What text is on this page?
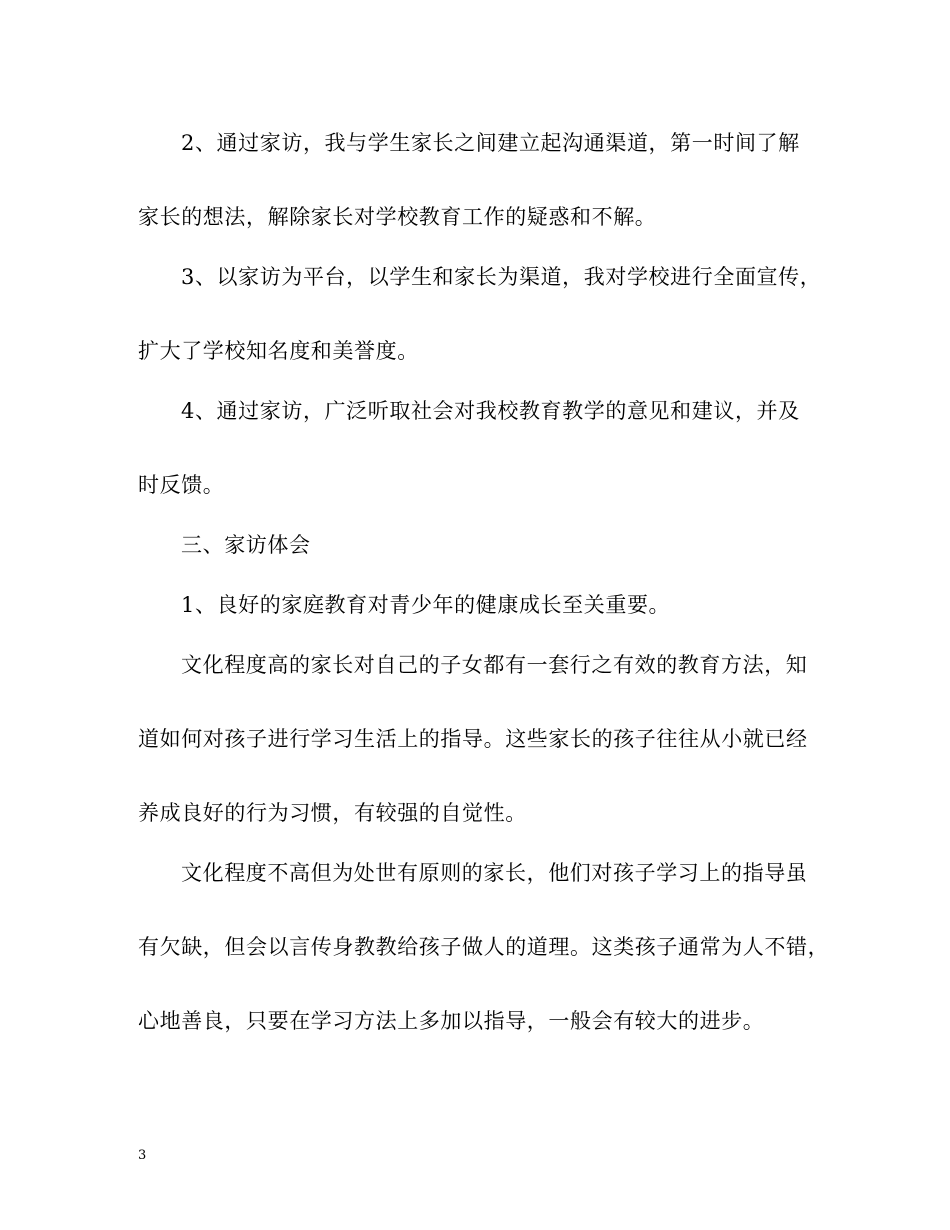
2、通过家访，我与学生家长之间建立起沟通渠道，第一时间了解
家长的想法，解除家长对学校教育工作的疑惑和不解。
3、以家访为平台，以学生和家长为渠道，我对学校进行全面宣传，
扩大了学校知名度和美誉度。
4、通过家访，广泛听取社会对我校教育教学的意见和建议，并及
时反馈。
三、家访体会
1、良好的家庭教育对青少年的健康成长至关重要。
文化程度高的家长对自己的子女都有一套行之有效的教育方法，知
道如何对孩子进行学习生活上的指导。这些家长的孩子往往从小就已经
养成良好的行为习惯，有较强的自觉性。
文化程度不高但为处世有原则的家长，他们对孩子学习上的指导虽
有欠缺，但会以言传身教教给孩子做人的道理。这类孩子通常为人不错，
心地善良，只要在学习方法上多加以指导，一般会有较大的进步。
3
